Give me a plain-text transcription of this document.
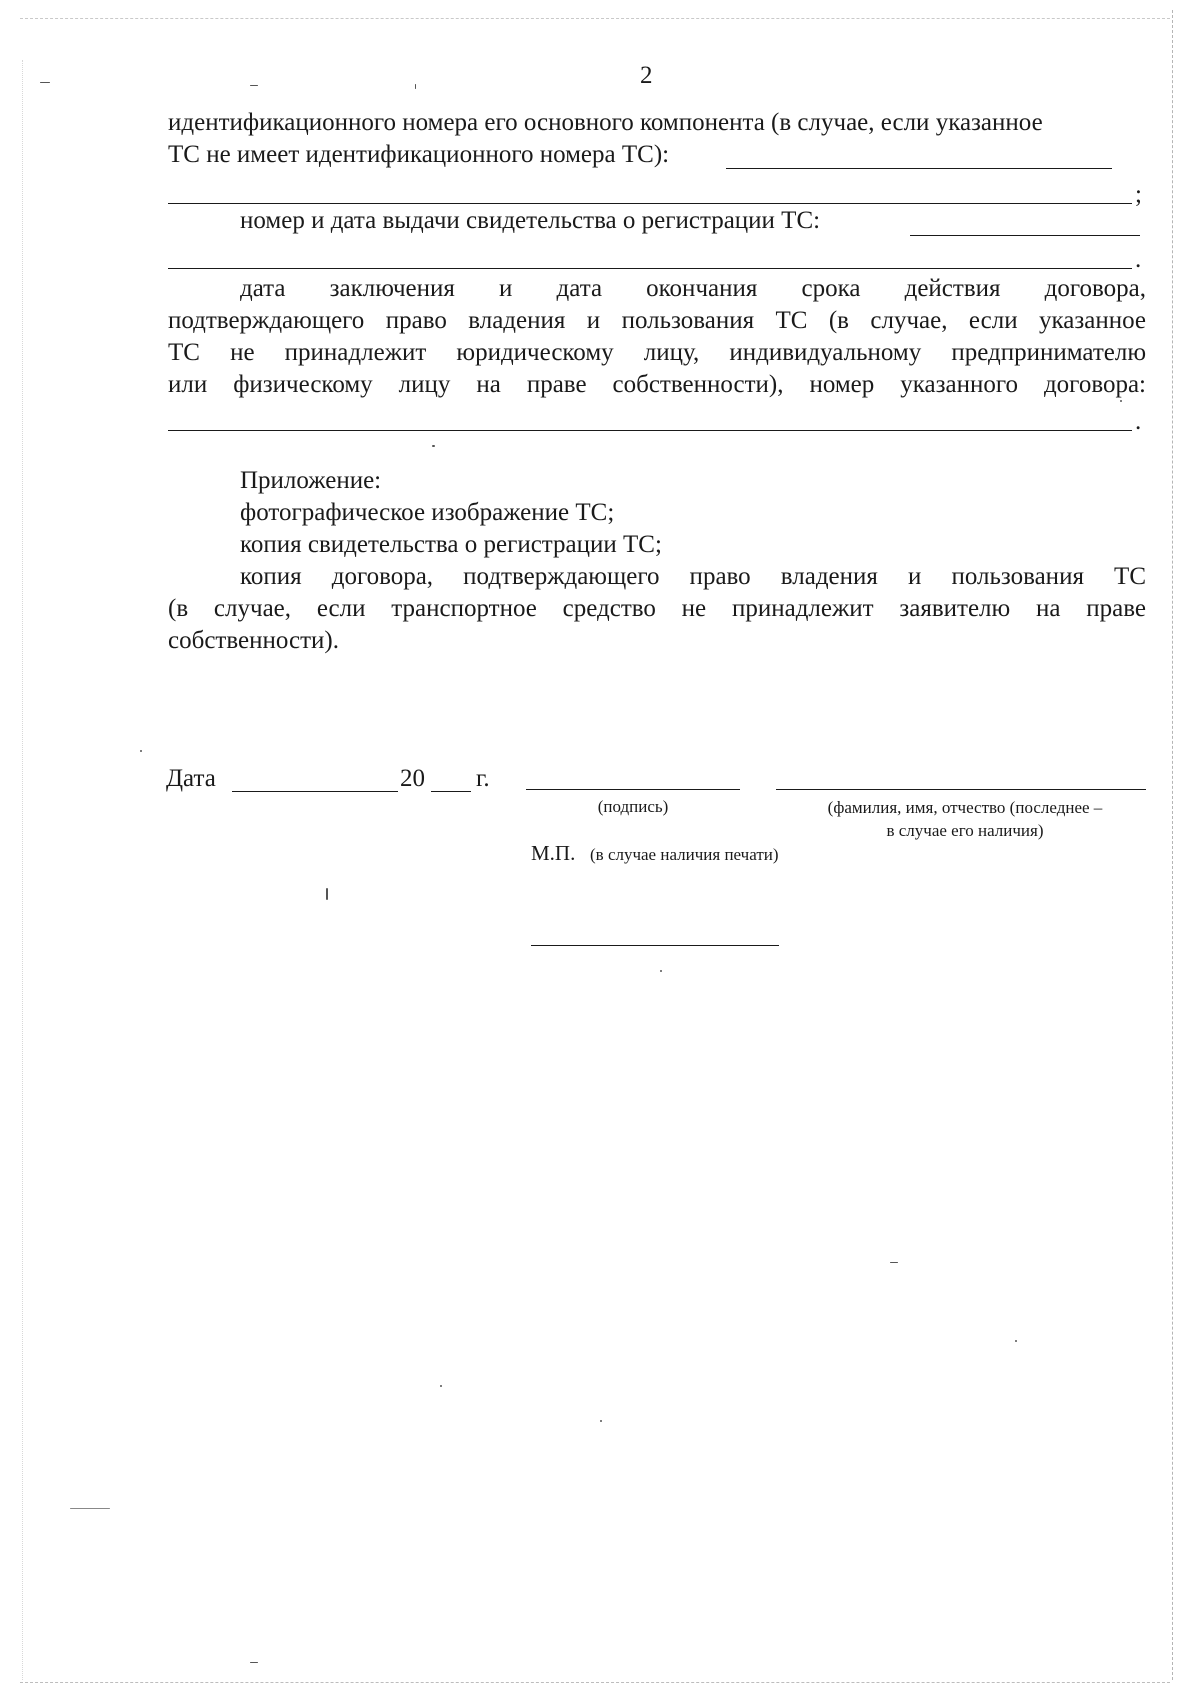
2
идентификационного номера его основного компонента (в случае, если указанное
ТС не имеет идентификационного номера ТС):
;
номер и дата выдачи свидетельства о регистрации ТС:
.
дата заключения и дата окончания срока действия договора,
подтверждающего право владения и пользования ТС (в случае, если указанное
ТС не принадлежит юридическому лицу, индивидуальному предпринимателю
или физическому лицу на праве собственности), номер указанного договора:
.
Приложение:
фотографическое изображение ТС;
копия свидетельства о регистрации ТС;
копия договора, подтверждающего право владения и пользования ТС
(в случае, если транспортное средство не принадлежит заявителю на праве
собственности).
Дата	20 г.
(подпись)	(фамилия, имя, отчество (последнее –
в случае его наличия)
М.П. (в случае наличия печати)
